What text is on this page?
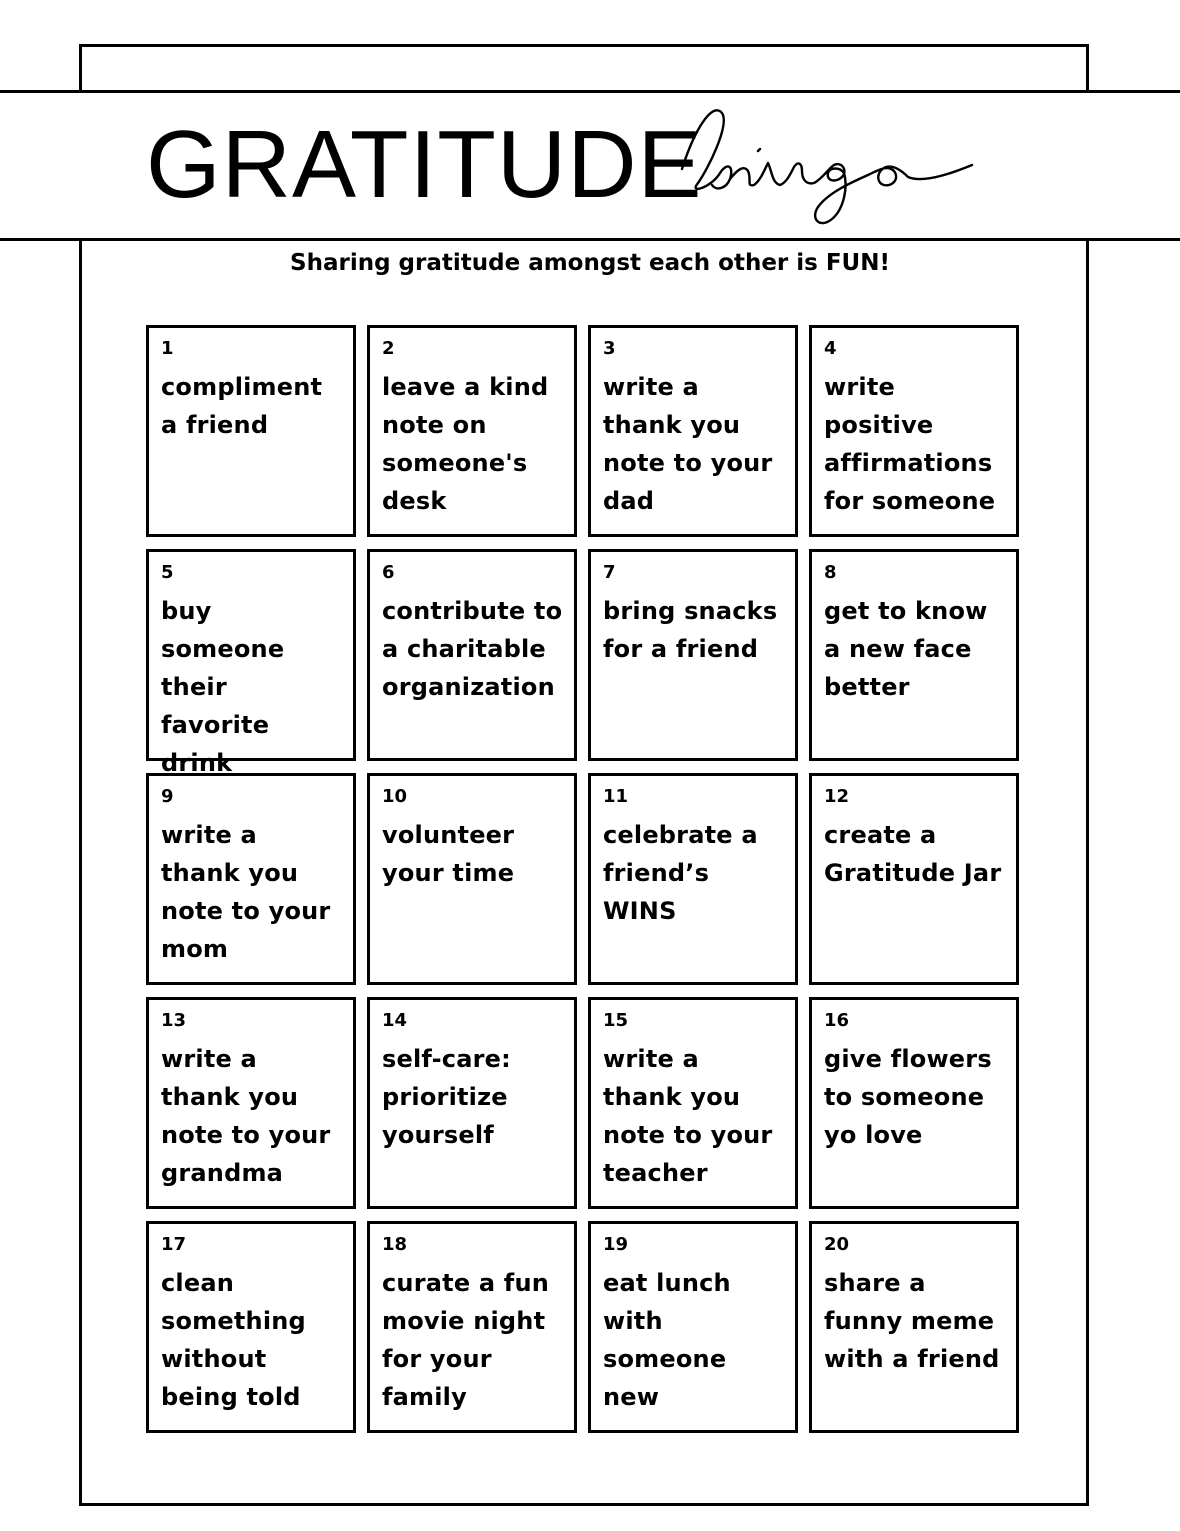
GRATITUDE
bingo
Sharing gratitude amongst each other is FUN!
1
compliment a friend
2
leave a kind note on someone's desk
3
write a thank you note to your dad
4
write positive affirmations for someone
5
buy someone their favorite drink
6
contribute to a charitable organization
7
bring snacks for a friend
8
get to know a new face better
9
write a thank you note to your mom
10
volunteer your time
11
celebrate a friend’s WINS
12
create a Gratitude Jar
13
write a thank you note to your grandma
14
self-care: prioritize yourself
15
write a thank you note to your teacher
16
give flowers to someone yo love
17
clean something without being told
18
curate a fun movie night for your family
19
eat lunch with someone new
20
share a funny meme with a friend
